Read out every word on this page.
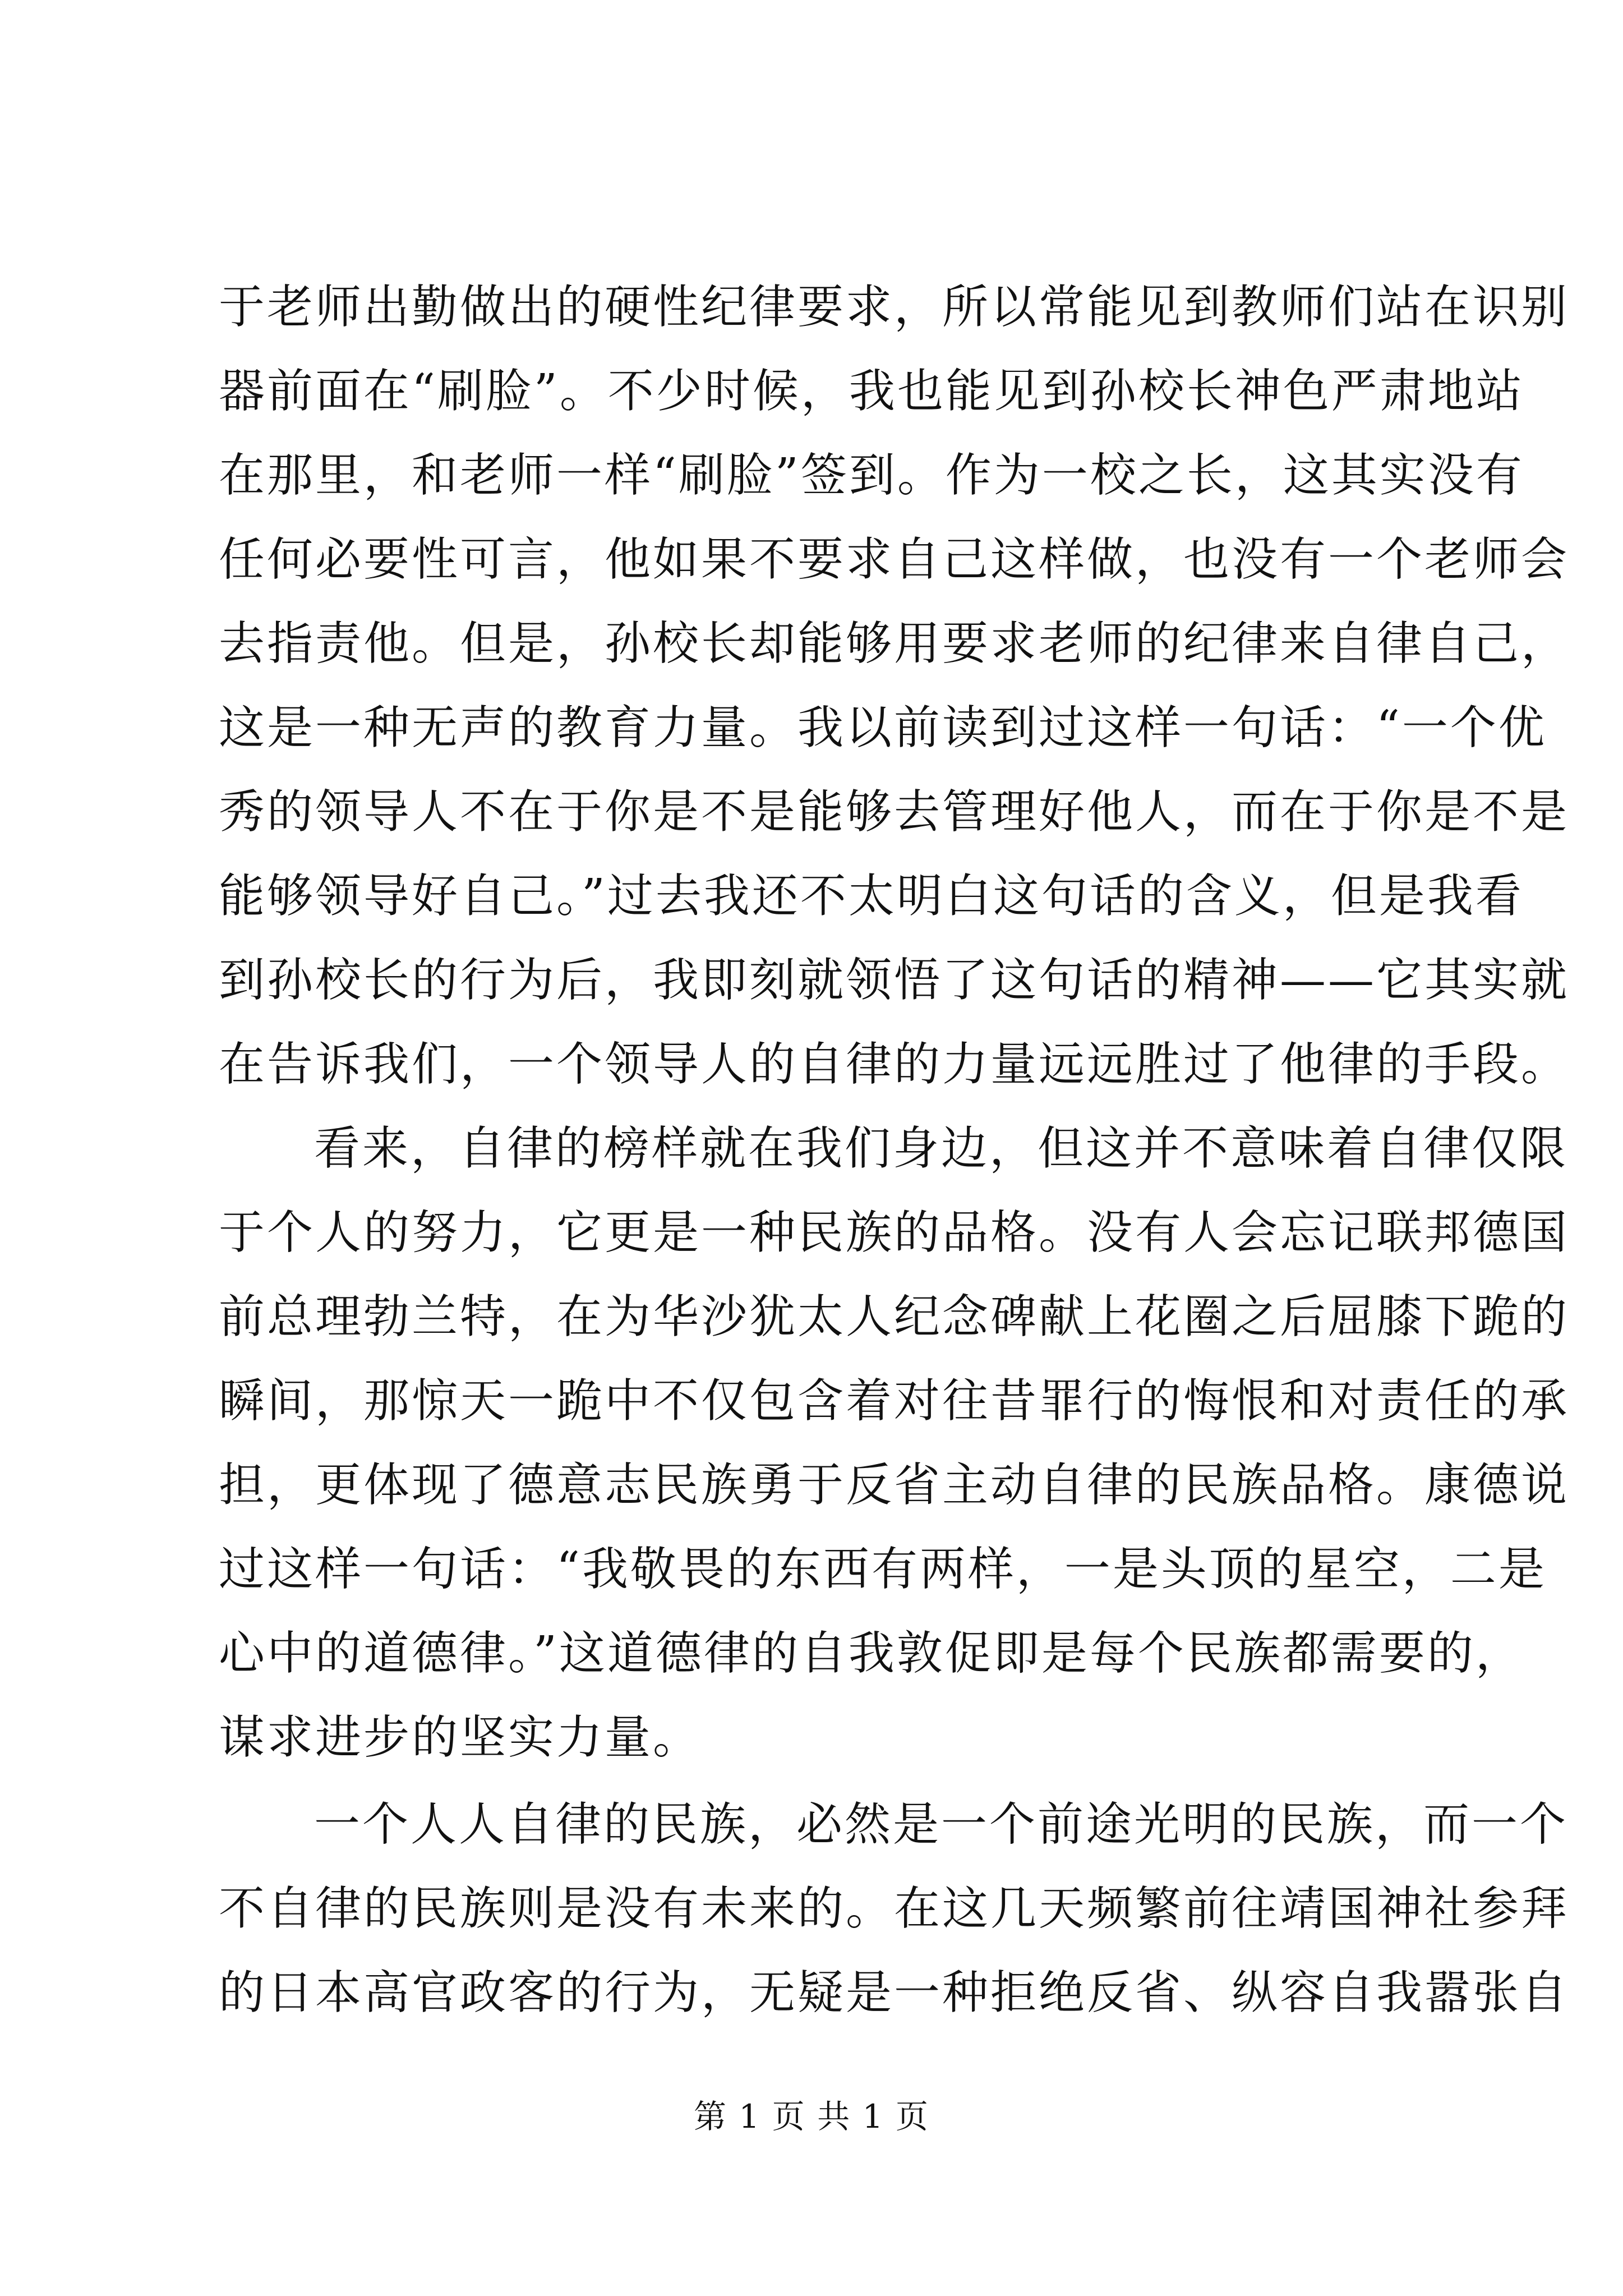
于老师出勤做出的硬性纪律要求，所以常能见到教师们站在识别
器前面在“刷脸”。不少时候，我也能见到孙校长神色严肃地站
在那里，和老师一样“刷脸”签到。作为一校之长，这其实没有
任何必要性可言，他如果不要求自己这样做，也没有一个老师会
去指责他。但是，孙校长却能够用要求老师的纪律来自律自己，
这是一种无声的教育力量。我以前读到过这样一句话：“一个优
秀的领导人不在于你是不是能够去管理好他人，而在于你是不是
能够领导好自己。”过去我还不太明白这句话的含义，但是我看
到孙校长的行为后，我即刻就领悟了这句话的精神——它其实就
在告诉我们，一个领导人的自律的力量远远胜过了他律的手段。
看来，自律的榜样就在我们身边，但这并不意味着自律仅限
于个人的努力，它更是一种民族的品格。没有人会忘记联邦德国
前总理勃兰特，在为华沙犹太人纪念碑献上花圈之后屈膝下跪的
瞬间，那惊天一跪中不仅包含着对往昔罪行的悔恨和对责任的承
担，更体现了德意志民族勇于反省主动自律的民族品格。康德说
过这样一句话：“我敬畏的东西有两样，一是头顶的星空，二是
心中的道德律。”这道德律的自我敦促即是每个民族都需要的，
谋求进步的坚实力量。
一个人人自律的民族，必然是一个前途光明的民族，而一个
不自律的民族则是没有未来的。在这几天频繁前往靖国神社参拜
的日本高官政客的行为，无疑是一种拒绝反省、纵容自我嚣张自
第 1 页 共 1 页
